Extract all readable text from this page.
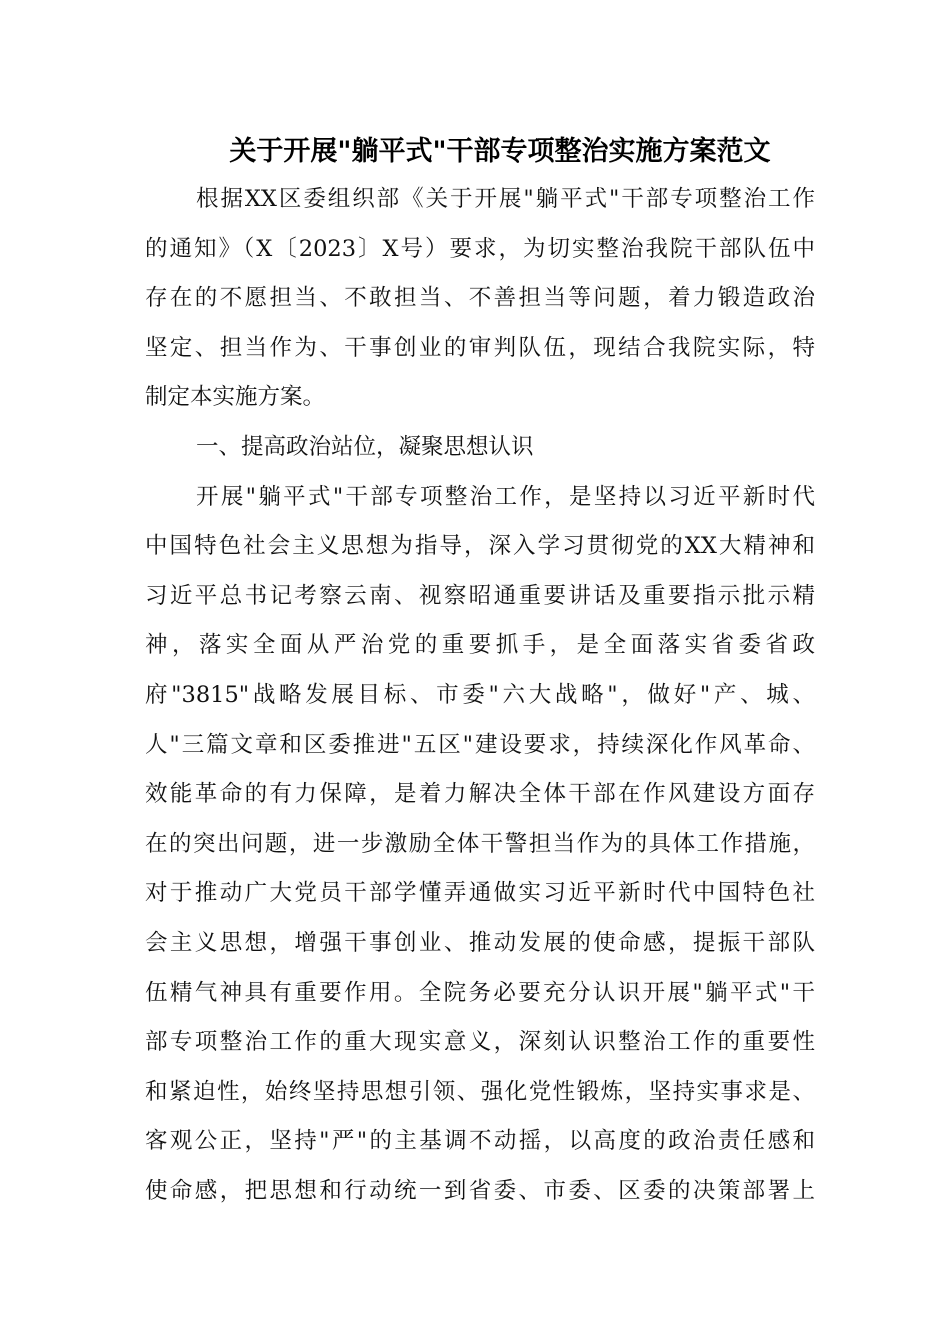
关于开展"躺平式"干部专项整治实施方案范文
根据XX区委组织部《关于开展"躺平式"干部专项整治工作
的通知》（X〔2023〕X号）要求，为切实整治我院干部队伍中
存在的不愿担当、不敢担当、不善担当等问题，着力锻造政治
坚定、担当作为、干事创业的审判队伍，现结合我院实际，特
制定本实施方案。
一、提高政治站位，凝聚思想认识
开展"躺平式"干部专项整治工作，是坚持以习近平新时代
中国特色社会主义思想为指导，深入学习贯彻党的XX大精神和
习近平总书记考察云南、视察昭通重要讲话及重要指示批示精
神，落实全面从严治党的重要抓手，是全面落实省委省政
府"3815"战略发展目标、市委"六大战略"，做好"产、城、
人"三篇文章和区委推进"五区"建设要求，持续深化作风革命、
效能革命的有力保障，是着力解决全体干部在作风建设方面存
在的突出问题，进一步激励全体干警担当作为的具体工作措施，
对于推动广大党员干部学懂弄通做实习近平新时代中国特色社
会主义思想，增强干事创业、推动发展的使命感，提振干部队
伍精气神具有重要作用。全院务必要充分认识开展"躺平式"干
部专项整治工作的重大现实意义，深刻认识整治工作的重要性
和紧迫性，始终坚持思想引领、强化党性锻炼，坚持实事求是、
客观公正，坚持"严"的主基调不动摇，以高度的政治责任感和
使命感，把思想和行动统一到省委、市委、区委的决策部署上
